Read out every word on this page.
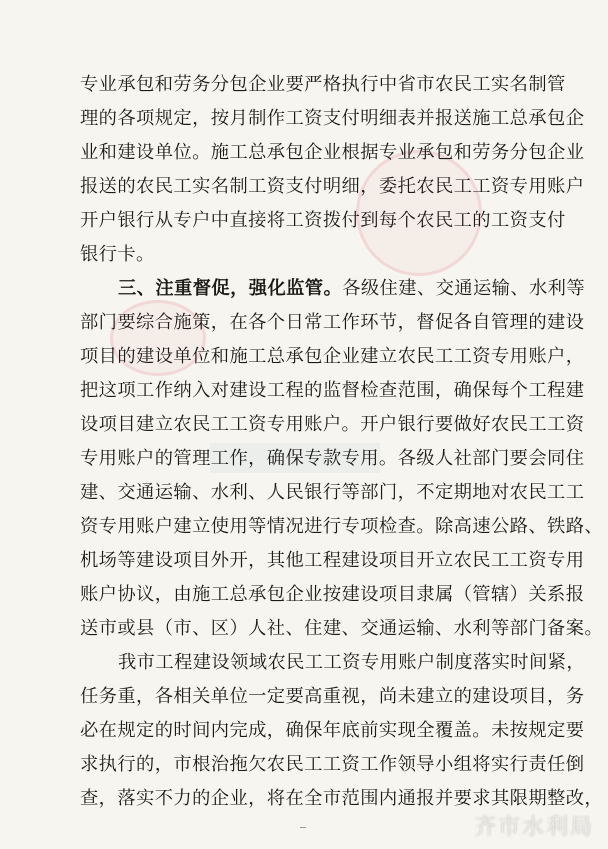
专业承包和劳务分包企业要严格执行中省市农民工实名制管

理的各项规定，按月制作工资支付明细表并报送施工总承包企

业和建设单位。施工总承包企业根据专业承包和劳务分包企业

报送的农民工实名制工资支付明细，委托农民工工资专用账户

开户银行从专户中直接将工资拨付到每个农民工的工资支付

银行卡。

三、注重督促，强化监管。各级住建、交通运输、水利等

部门要综合施策，在各个日常工作环节，督促各自管理的建设

项目的建设单位和施工总承包企业建立农民工工资专用账户，

把这项工作纳入对建设工程的监督检查范围，确保每个工程建

设项目建立农民工工资专用账户。开户银行要做好农民工工资

专用账户的管理工作，确保专款专用。各级人社部门要会同住

建、交通运输、水利、人民银行等部门，不定期地对农民工工

资专用账户建立使用等情况进行专项检查。除高速公路、铁路、

机场等建设项目外开，其他工程建设项目开立农民工工资专用

账户协议，由施工总承包企业按建设项目隶属（管辖）关系报

送市或县（市、区）人社、住建、交通运输、水利等部门备案。

我市工程建设领域农民工工资专用账户制度落实时间紧，

任务重，各相关单位一定要高重视，尚未建立的建设项目，务

必在规定的时间内完成，确保年底前实现全覆盖。未按规定要

求执行的，市根治拖欠农民工工资工作领导小组将实行责任倒

查，落实不力的企业，将在全市范围内通报并要求其限期整改，

齐市水利局
